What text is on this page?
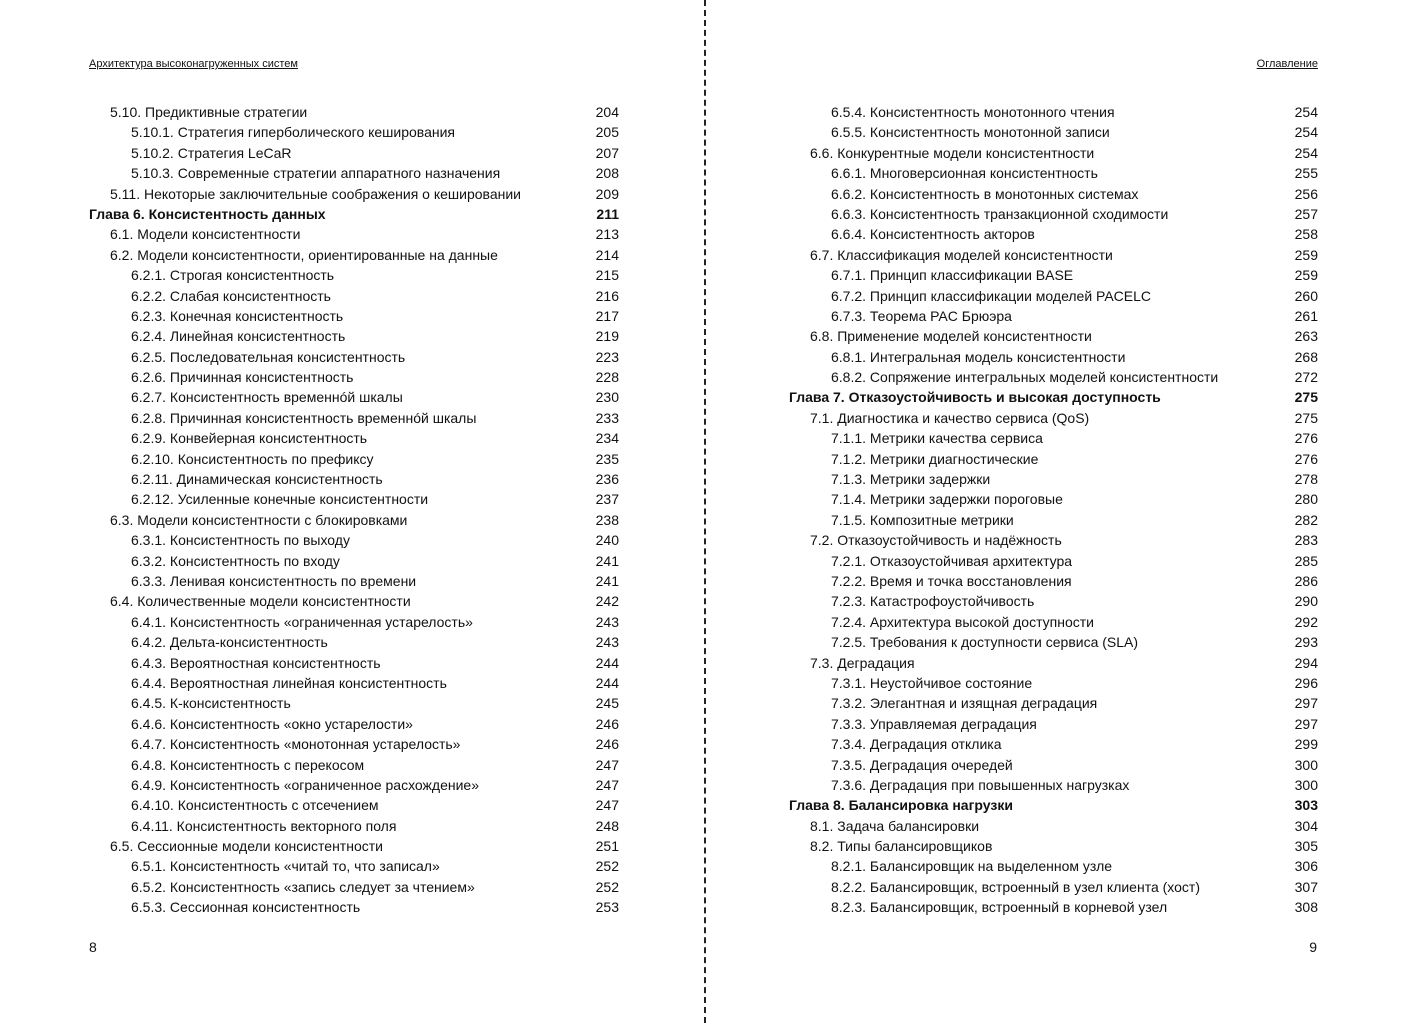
Архитектура высоконагруженных систем
5.10. Предиктивные стратегии	204
5.10.1. Стратегия гиперболического кеширования	205
5.10.2. Стратегия LeCaR	207
5.10.3. Современные стратегии аппаратного назначения	208
5.11. Некоторые заключительные соображения о кешировании	209
Глава 6. Консистентность данных	211
6.1. Модели консистентности	213
6.2. Модели консистентности, ориентированные на данные	214
6.2.1. Строгая консистентность	215
6.2.2. Слабая консистентность	216
6.2.3. Конечная консистентность	217
6.2.4. Линейная консистентность	219
6.2.5. Последовательная консистентность	223
6.2.6. Причинная консистентность	228
6.2.7. Консистентность временнóй шкалы	230
6.2.8. Причинная консистентность временнóй шкалы	233
6.2.9. Конвейерная консистентность	234
6.2.10. Консистентность по префиксу	235
6.2.11. Динамическая консистентность	236
6.2.12. Усиленные конечные консистентности	237
6.3. Модели консистентности с блокировками	238
6.3.1. Консистентность по выходу	240
6.3.2. Консистентность по входу	241
6.3.3. Ленивая консистентность по времени	241
6.4. Количественные модели консистентности	242
6.4.1. Консистентность «ограниченная устарелость»	243
6.4.2. Дельта-консистентность	243
6.4.3. Вероятностная консистентность	244
6.4.4. Вероятностная линейная консистентность	244
6.4.5. К-консистентность	245
6.4.6. Консистентность «окно устарелости»	246
6.4.7. Консистентность «монотонная устарелость»	246
6.4.8. Консистентность с перекосом	247
6.4.9. Консистентность «ограниченное расхождение»	247
6.4.10. Консистентность с отсечением	247
6.4.11. Консистентность векторного поля	248
6.5. Сессионные модели консистентности	251
6.5.1. Консистентность «читай то, что записал»	252
6.5.2. Консистентность «запись следует за чтением»	252
6.5.3. Сессионная консистентность	253
8
Оглавление
6.5.4. Консистентность монотонного чтения	254
6.5.5. Консистентность монотонной записи	254
6.6. Конкурентные модели консистентности	254
6.6.1. Многоверсионная консистентность	255
6.6.2. Консистентность в монотонных системах	256
6.6.3. Консистентность транзакционной сходимости	257
6.6.4. Консистентность акторов	258
6.7. Классификация моделей консистентности	259
6.7.1. Принцип классификации BASE	259
6.7.2. Принцип классификации моделей PACELC	260
6.7.3. Теорема PAC Брюэра	261
6.8. Применение моделей консистентности	263
6.8.1. Интегральная модель консистентности	268
6.8.2. Сопряжение интегральных моделей консистентности	272
Глава 7. Отказоустойчивость и высокая доступность	275
7.1. Диагностика и качество сервиса (QoS)	275
7.1.1. Метрики качества сервиса	276
7.1.2. Метрики диагностические	276
7.1.3. Метрики задержки	278
7.1.4. Метрики задержки пороговые	280
7.1.5. Композитные метрики	282
7.2. Отказоустойчивость и надёжность	283
7.2.1. Отказоустойчивая архитектура	285
7.2.2. Время и точка восстановления	286
7.2.3. Катастрофоустойчивость	290
7.2.4. Архитектура высокой доступности	292
7.2.5. Требования к доступности сервиса (SLA)	293
7.3. Деградация	294
7.3.1. Неустойчивое состояние	296
7.3.2. Элегантная и изящная деградация	297
7.3.3. Управляемая деградация	297
7.3.4. Деградация отклика	299
7.3.5. Деградация очередей	300
7.3.6. Деградация при повышенных нагрузках	300
Глава 8. Балансировка нагрузки	303
8.1. Задача балансировки	304
8.2. Типы балансировщиков	305
8.2.1. Балансировщик на выделенном узле	306
8.2.2. Балансировщик, встроенный в узел клиента (хост)	307
8.2.3. Балансировщик, встроенный в корневой узел	308
9
